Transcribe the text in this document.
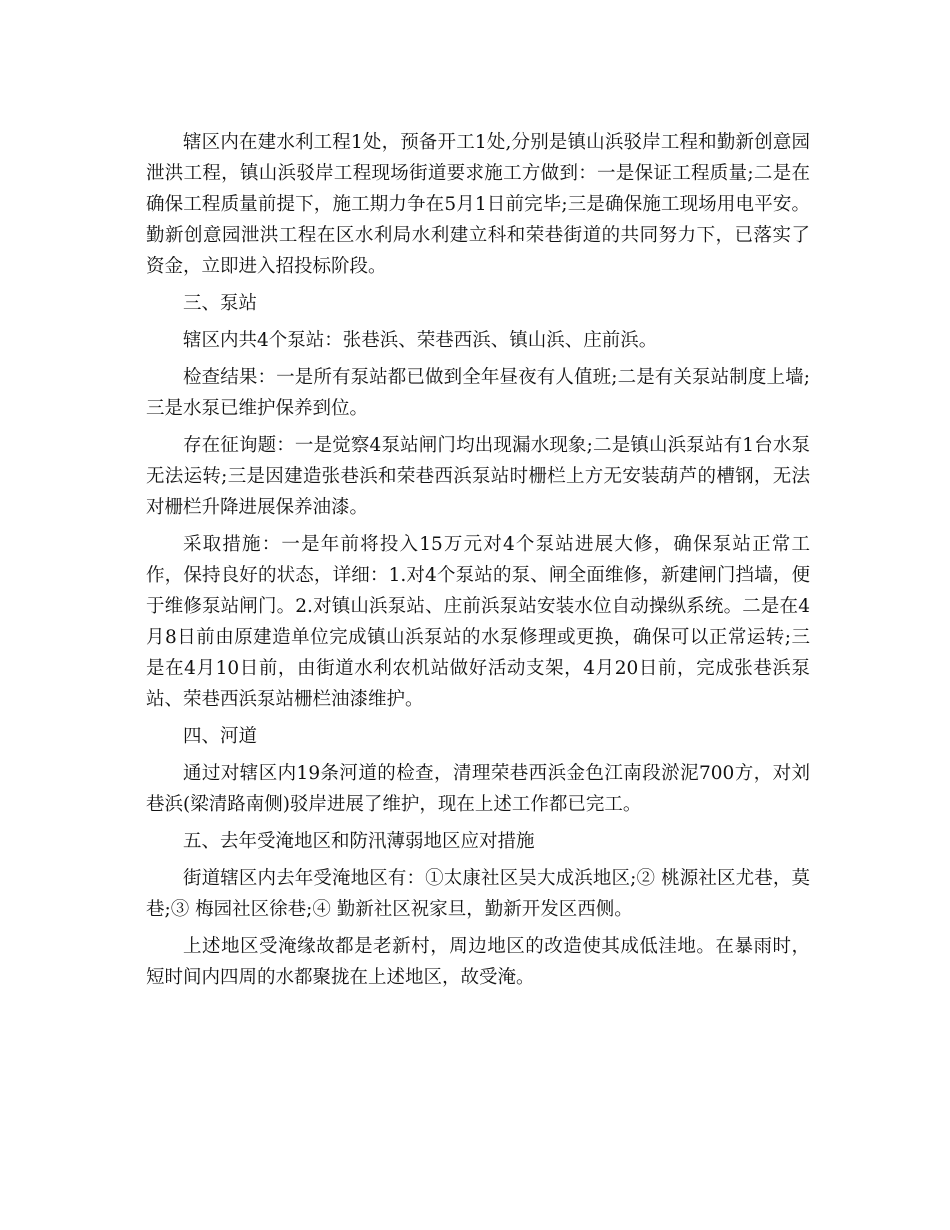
辖区内在建水利工程1处，预备开工1处,分别是镇山浜驳岸工程和勤新创意园泄洪工程，镇山浜驳岸工程现场街道要求施工方做到：一是保证工程质量;二是在确保工程质量前提下，施工期力争在5月1日前完毕;三是确保施工现场用电平安。勤新创意园泄洪工程在区水利局水利建立科和荣巷街道的共同努力下，已落实了资金，立即进入招投标阶段。

三、泵站

辖区内共4个泵站：张巷浜、荣巷西浜、镇山浜、庄前浜。

检查结果：一是所有泵站都已做到全年昼夜有人值班;二是有关泵站制度上墙;三是水泵已维护保养到位。

存在征询题：一是觉察4泵站闸门均出现漏水现象;二是镇山浜泵站有1台水泵无法运转;三是因建造张巷浜和荣巷西浜泵站时栅栏上方无安装葫芦的槽钢，无法对栅栏升降进展保养油漆。

采取措施：一是年前将投入15万元对4个泵站进展大修，确保泵站正常工作，保持良好的状态，详细：1.对4个泵站的泵、闸全面维修，新建闸门挡墙，便于维修泵站闸门。2.对镇山浜泵站、庄前浜泵站安装水位自动操纵系统。二是在4月8日前由原建造单位完成镇山浜泵站的水泵修理或更换，确保可以正常运转;三是在4月10日前，由街道水利农机站做好活动支架，4月20日前，完成张巷浜泵站、荣巷西浜泵站栅栏油漆维护。

四、河道

通过对辖区内19条河道的检查，清理荣巷西浜金色江南段淤泥700方，对刘巷浜(梁清路南侧)驳岸进展了维护，现在上述工作都已完工。

五、去年受淹地区和防汛薄弱地区应对措施

街道辖区内去年受淹地区有：①太康社区吴大成浜地区;② 桃源社区尤巷，莫巷;③ 梅园社区徐巷;④ 勤新社区祝家旦，勤新开发区西侧。

上述地区受淹缘故都是老新村，周边地区的改造使其成低洼地。在暴雨时，短时间内四周的水都聚拢在上述地区，故受淹。
